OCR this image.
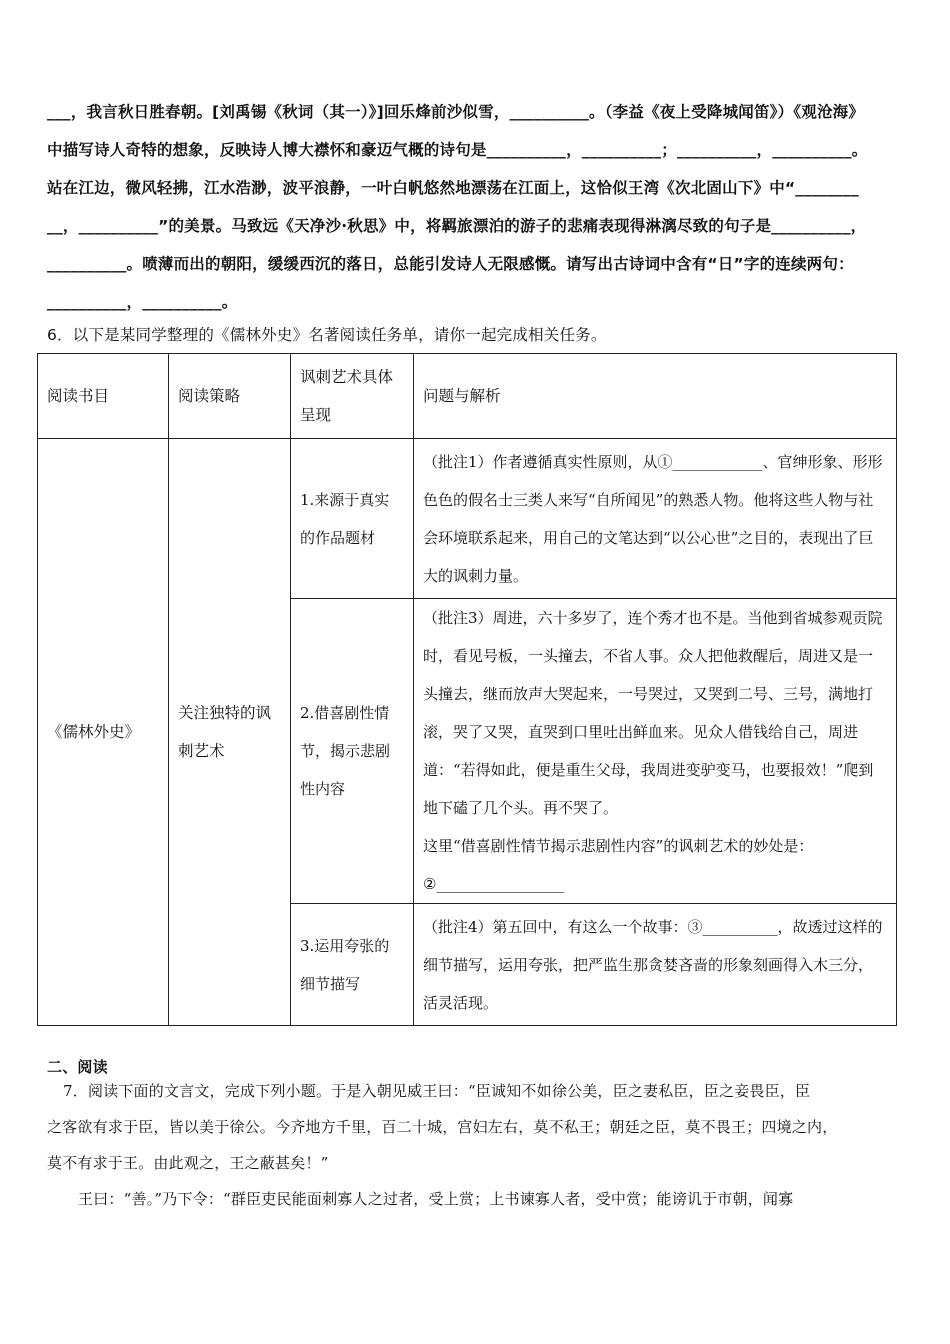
___，我言秋日胜春朝。[刘禹锡《秋词（其一）》]回乐烽前沙似雪，__________。（李益《夜上受降城闻笛》）《观沧海》
中描写诗人奇特的想象，反映诗人博大襟怀和豪迈气概的诗句是__________，__________；__________，__________。
站在江边，微风轻拂，江水浩渺，波平浪静，一叶白帆悠然地漂荡在江面上，这恰似王湾《次北固山下》中“________
__，__________”的美景。马致远《天净沙·秋思》中，将羁旅漂泊的游子的悲痛表现得淋漓尽致的句子是__________，
__________。喷薄而出的朝阳，缓缓西沉的落日，总能引发诗人无限感慨。请写出古诗词中含有“日”字的连续两句：
__________，__________。
6．以下是某同学整理的《儒林外史》名著阅读任务单，请你一起完成相关任务。
阅读书目	阅读策略	讽刺艺术具体呈现	问题与解析
《儒林外史》	关注独特的讽刺艺术	1.来源于真实的作品题材	（批注1）作者遵循真实性原则，从①____________、官绅形象、形形色色的假名士三类人来写“自所闻见”的熟悉人物。他将这些人物与社会环境联系起来，用自己的文笔达到“以公心世”之目的，表现出了巨大的讽刺力量。
		2.借喜剧性情节，揭示悲剧性内容	（批注3）周进，六十多岁了，连个秀才也不是。当他到省城参观贡院时，看见号板，一头撞去，不省人事。众人把他救醒后，周进又是一头撞去，继而放声大哭起来，一号哭过，又哭到二号、三号，满地打滚，哭了又哭，直哭到口里吐出鲜血来。见众人借钱给自己，周进道：“若得如此，便是重生父母，我周进变驴变马，也要报效！”爬到地下磕了几个头。再不哭了。
这里“借喜剧性情节揭示悲剧性内容”的讽刺艺术的妙处是：
②_________________

		3.运用夸张的细节描写	（批注4）第五回中，有这么一个故事：③__________，故透过这样的细节描写，运用夸张，把严监生那贪婪吝啬的形象刻画得入木三分，活灵活现。
二、阅读
7．阅读下面的文言文，完成下列小题。于是入朝见威王曰：“臣诚知不如徐公美，臣之妻私臣，臣之妾畏臣，臣
之客欲有求于臣，皆以美于徐公。今齐地方千里，百二十城，宫妇左右，莫不私王；朝廷之臣，莫不畏王；四境之内，
莫不有求于王。由此观之，王之蔽甚矣！”
王曰：“善。”乃下令：“群臣吏民能面刺寡人之过者，受上赏；上书谏寡人者，受中赏；能谤讥于市朝，闻寡
